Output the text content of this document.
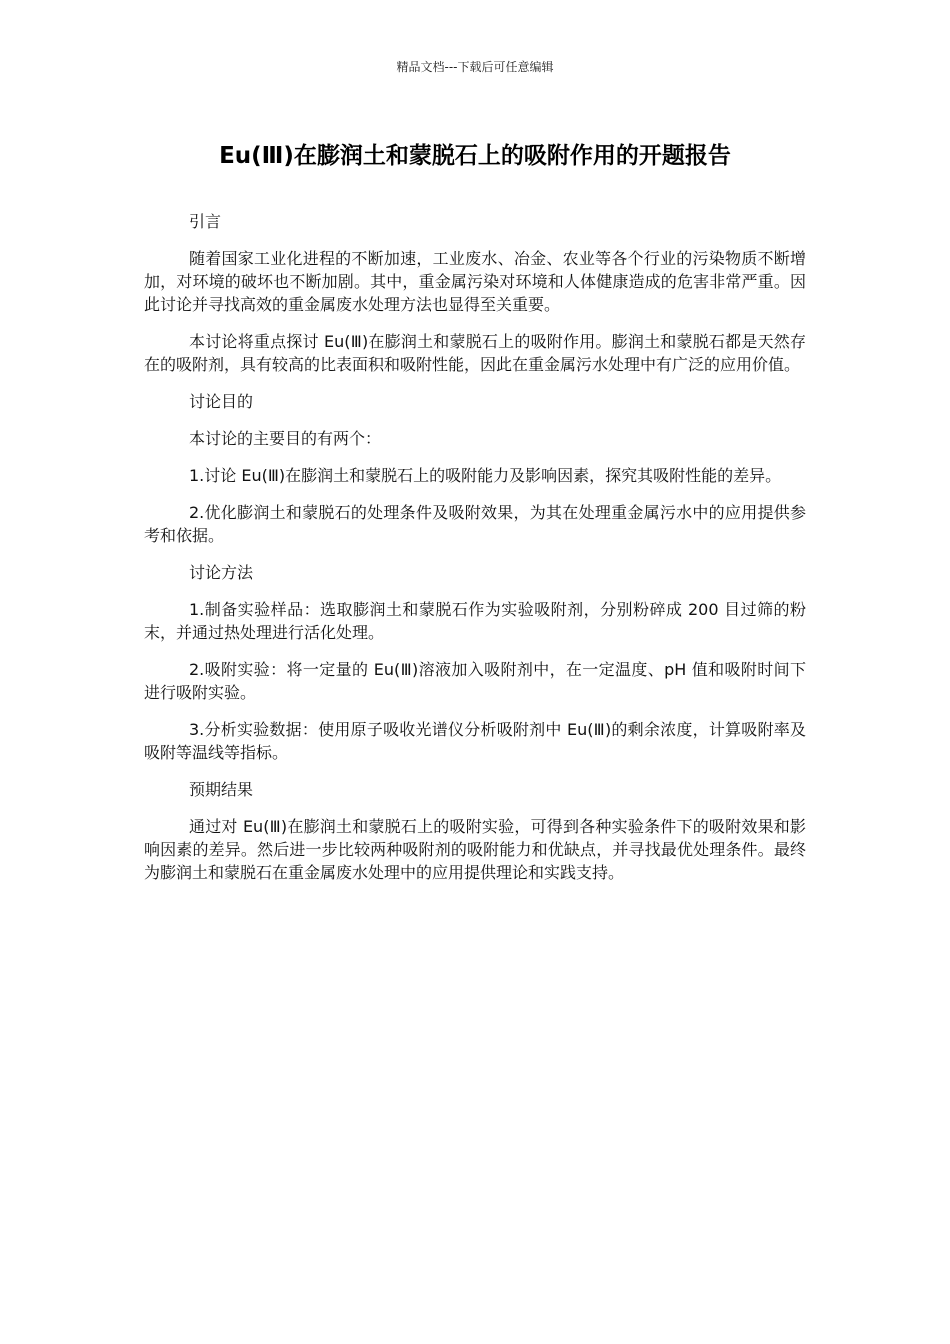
精品文档---下载后可任意编辑
Eu(Ⅲ)在膨润土和蒙脱石上的吸附作用的开题报告

引言

随着国家工业化进程的不断加速，工业废水、冶金、农业等各个行业的污染物质不断增加，对环境的破坏也不断加剧。其中，重金属污染对环境和人体健康造成的危害非常严重。因此讨论并寻找高效的重金属废水处理方法也显得至关重要。

本讨论将重点探讨 Eu(Ⅲ)在膨润土和蒙脱石上的吸附作用。膨润土和蒙脱石都是天然存在的吸附剂，具有较高的比表面积和吸附性能，因此在重金属污水处理中有广泛的应用价值。

讨论目的

本讨论的主要目的有两个：

1.讨论 Eu(Ⅲ)在膨润土和蒙脱石上的吸附能力及影响因素，探究其吸附性能的差异。

2.优化膨润土和蒙脱石的处理条件及吸附效果，为其在处理重金属污水中的应用提供参考和依据。

讨论方法

1.制备实验样品：选取膨润土和蒙脱石作为实验吸附剂，分别粉碎成 200 目过筛的粉末，并通过热处理进行活化处理。

2.吸附实验：将一定量的 Eu(Ⅲ)溶液加入吸附剂中，在一定温度、pH 值和吸附时间下进行吸附实验。

3.分析实验数据：使用原子吸收光谱仪分析吸附剂中 Eu(Ⅲ)的剩余浓度，计算吸附率及吸附等温线等指标。

预期结果

通过对 Eu(Ⅲ)在膨润土和蒙脱石上的吸附实验，可得到各种实验条件下的吸附效果和影响因素的差异。然后进一步比较两种吸附剂的吸附能力和优缺点，并寻找最优处理条件。最终为膨润土和蒙脱石在重金属废水处理中的应用提供理论和实践支持。
